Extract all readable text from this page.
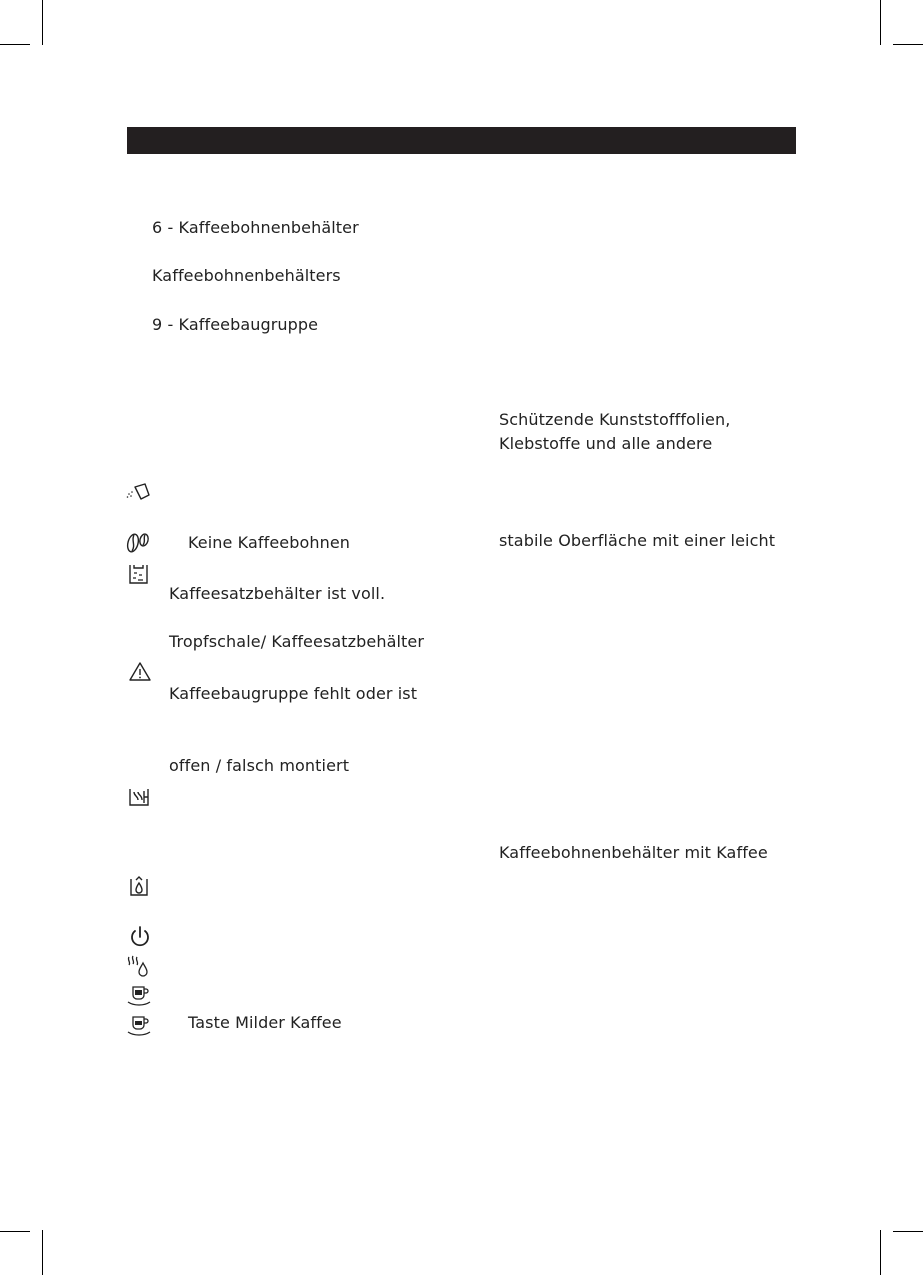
6 - Kaffeebohnenbehälter
Kaffeebohnenbehälters
9 - Kaffeebaugruppe
Schützende Kunststofffolien,
Klebstoffe und alle andere
stabile Oberfläche mit einer leicht
Kaffeebohnenbehälter mit Kaffee
Keine Kaffeebohnen
Kaffeesatzbehälter ist voll.
Tropfschale/ Kaffeesatzbehälter
Kaffeebaugruppe fehlt oder ist
offen / falsch montiert
Taste Milder Kaffee
